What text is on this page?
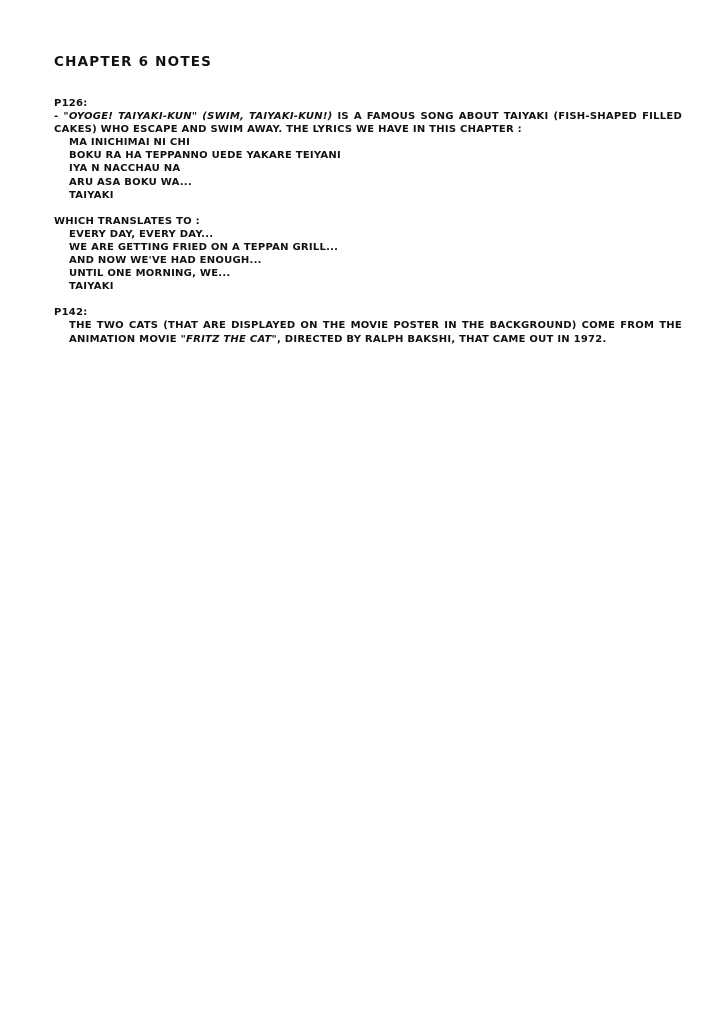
CHAPTER 6 NOTES
P126:
- "OYOGE! TAIYAKI-KUN" (SWIM, TAIYAKI-KUN!) IS A FAMOUS SONG ABOUT TAIYAKI (FISH-SHAPED FILLED CAKES) WHO ESCAPE AND SWIM AWAY. THE LYRICS WE HAVE IN THIS CHAPTER :
MA INICHIMAI NI CHI
BOKU RA HA TEPPANNO UEDE YAKARE TEIYANI
IYA N NACCHAU NA
ARU ASA BOKU WA...
TAIYAKI
WHICH TRANSLATES TO :
EVERY DAY, EVERY DAY...
WE ARE GETTING FRIED ON A TEPPAN GRILL...
AND NOW WE'VE HAD ENOUGH...
UNTIL ONE MORNING, WE...
TAIYAKI
P142:
THE TWO CATS (THAT ARE DISPLAYED ON THE MOVIE POSTER IN THE BACKGROUND) COME FROM THE ANIMATION MOVIE "FRITZ THE CAT", DIRECTED BY RALPH BAKSHI, THAT CAME OUT IN 1972.
